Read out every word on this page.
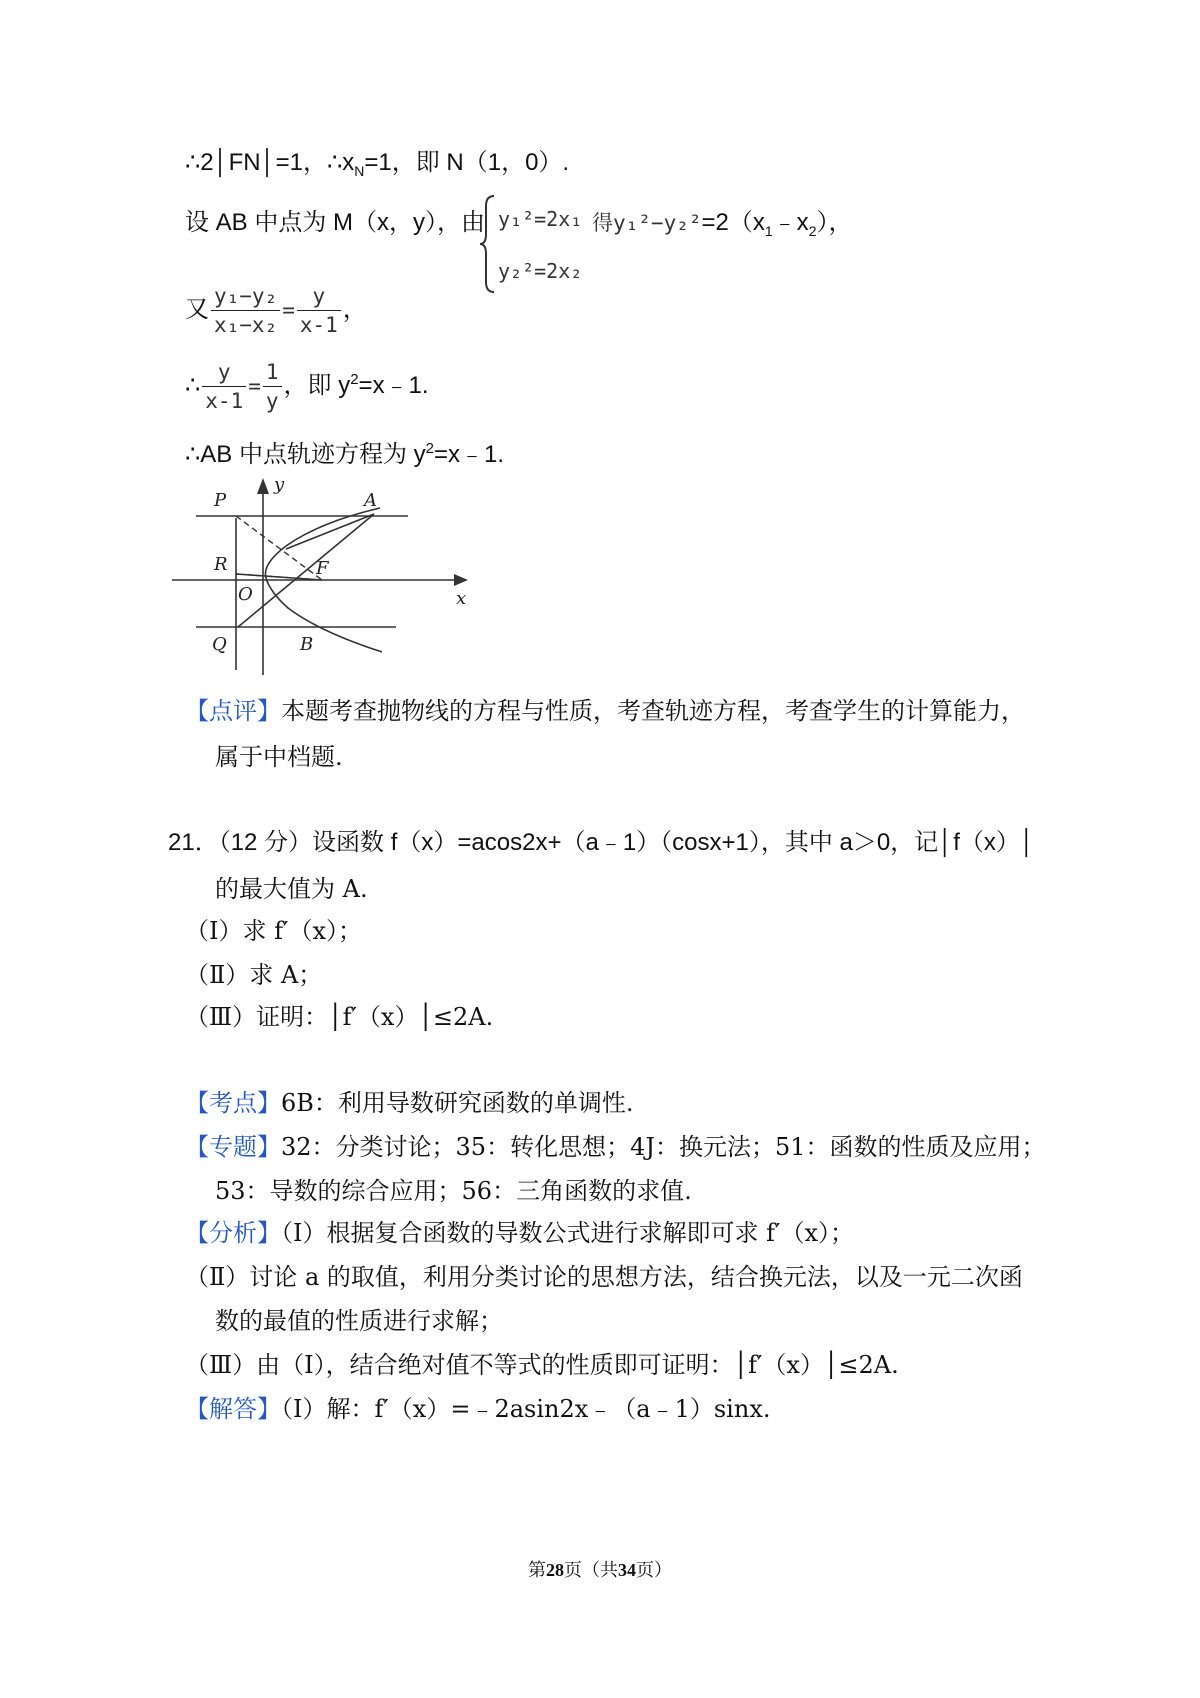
∴2│FN│=1，$\therefore x_N=1$，即 N（1，0）.
设 AB 中点为 M（x，y），由 y₁²=2x₁
y₂²=2x₂
得$y_1^2-y_2^2=2(x_1﹣x_2)$，
又 $\frac{\text{y₁−y₂}}{\text{x₁−x₂}} = \frac{y}{x-1}$ ，
∴ $\frac{y}{x-1} = \frac{1}{y}$ ，即 $y^2=x﹣1$.
∴AB 中点轨迹方程为 $y^2=x﹣1$.
P	A
R	F
O
Q	B
x
y
【点评】本题考查抛物线的方程与性质，考查轨迹方程，考查学生的计算能力，
属于中档题.
21．（12 分）设函数 f（x）=acos2x+（a﹣1）（cosx+1），其中 a＞0，记│f（x）│
的最大值为 A.
（Ⅰ）求 f′（x）；
（Ⅱ）求 A；
（Ⅲ）证明：│f′（x）│≤2A.
【考点】6B：利用导数研究函数的单调性.
【专题】32：分类讨论；35：转化思想；4J：换元法；51：函数的性质及应用；
53：导数的综合应用；56：三角函数的求值.
【分析】（Ⅰ）根据复合函数的导数公式进行求解即可求 f′（x）；
（Ⅱ）讨论 a 的取值，利用分类讨论的思想方法，结合换元法，以及一元二次函
数的最值的性质进行求解；
（Ⅲ）由（I），结合绝对值不等式的性质即可证明：│f′（x）│≤2A.
【解答】（I）解：f′（x）=﹣2asin2x﹣（a﹣1）sinx.
第28页（共34页）
